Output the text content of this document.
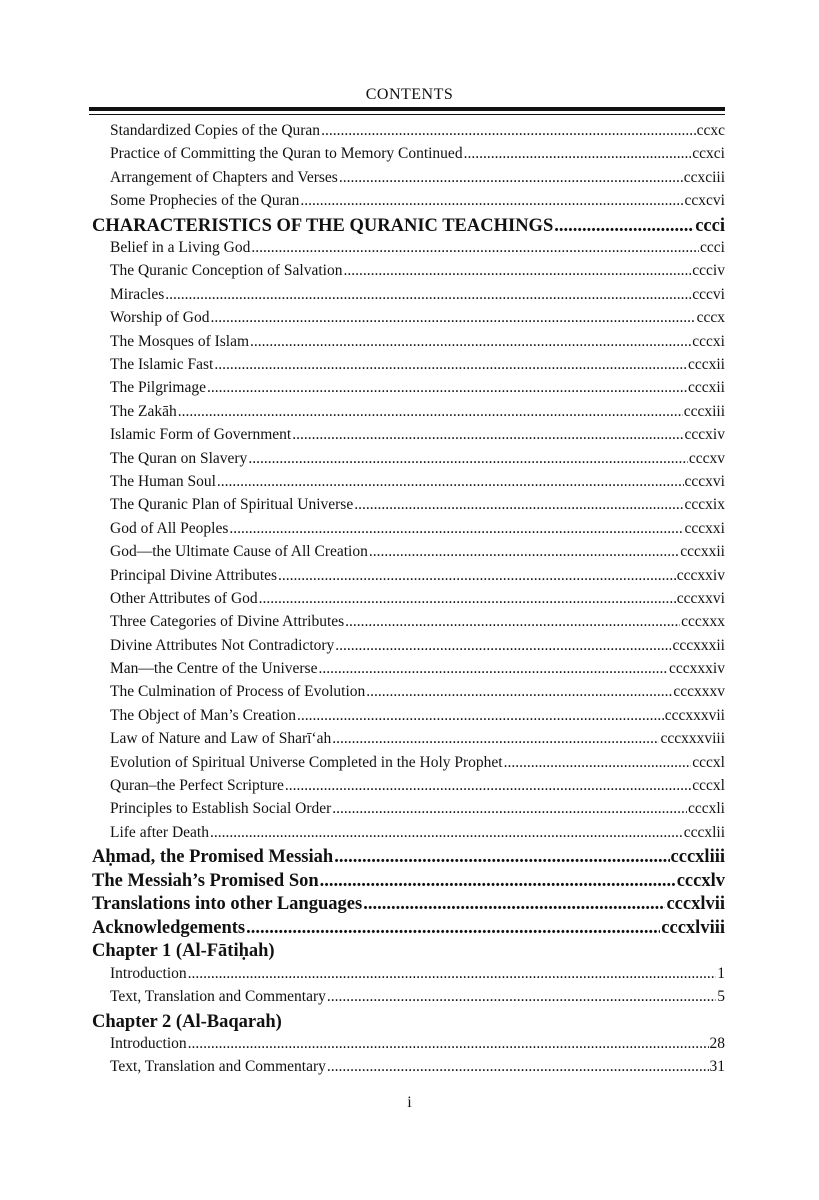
CONTENTS
Standardized Copies of the Quran .....	ccxc
Practice of Committing the Quran to Memory Continued .....	ccxci
Arrangement of Chapters and Verses .....	ccxciii
Some Prophecies of the Quran .....	ccxcvi
CHARACTERISTICS OF THE QURANIC TEACHINGS .....	ccci
Belief in a Living God .....	ccci
The Quranic Conception of Salvation .....	ccciv
Miracles .....	cccvi
Worship of God .....	cccx
The Mosques of Islam .....	cccxi
The Islamic Fast .....	cccxii
The Pilgrimage .....	cccxii
The Zakāh .....	cccxiii
Islamic Form of Government .....	cccxiv
The Quran on Slavery .....	cccxv
The Human Soul .....	cccxvi
The Quranic Plan of Spiritual Universe .....	cccxix
God of All Peoples .....	cccxxi
God—the Ultimate Cause of All Creation .....	cccxxii
Principal Divine Attributes .....	cccxxiv
Other Attributes of God .....	cccxxvi
Three Categories of Divine Attributes .....	cccxxx
Divine Attributes Not Contradictory .....	cccxxxii
Man—the Centre of the Universe .....	cccxxxiv
The Culmination of Process of Evolution .....	cccxxxv
The Object of Man’s Creation .....	cccxxxvii
Law of Nature and Law of Sharī‘ah .....	cccxxxviii
Evolution of Spiritual Universe Completed in the Holy Prophet .....	cccxl
Quran–the Perfect Scripture .....	cccxl
Principles to Establish Social Order .....	cccxli
Life after Death .....	cccxlii
Aḥmad, the Promised Messiah .....	cccxliii
The Messiah’s Promised Son .....	cccxlv
Translations into other Languages .....	cccxlvii
Acknowledgements .....	cccxlviii
Chapter 1 (Al-Fātiḥah)
Introduction .....	1
Text, Translation and Commentary .....	5
Chapter 2 (Al-Baqarah)
Introduction .....	28
Text, Translation and Commentary .....	31
i
